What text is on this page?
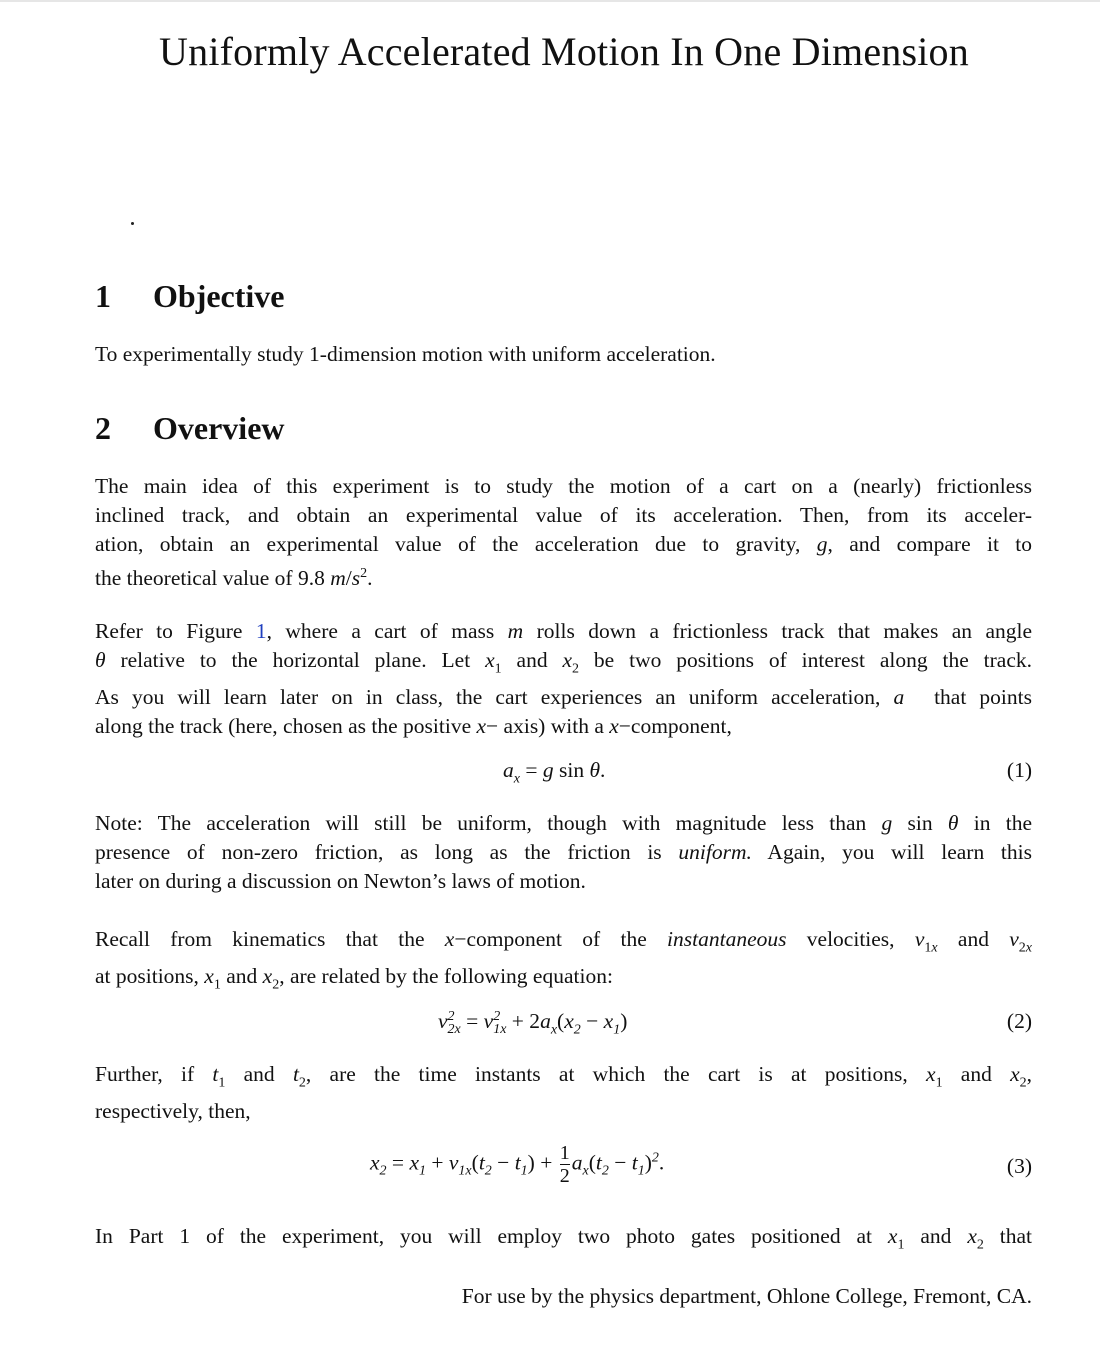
Uniformly Accelerated Motion In One Dimension
1 Objective
To experimentally study 1-dimension motion with uniform acceleration.
2 Overview
The main idea of this experiment is to study the motion of a cart on a (nearly) frictionless
inclined track, and obtain an experimental value of its acceleration. Then, from its acceler-
ation, obtain an experimental value of the acceleration due to gravity, g, and compare it to
the theoretical value of 9.8 $m/s^2$.
Refer to Figure 1, where a cart of mass m rolls down a frictionless track that makes an angle
θ relative to the horizontal plane. Let $x_1$ and $x_2$ be two positions of interest along the track.
As you will learn later on in class, the cart experiences an uniform acceleration, a⃗ that points
along the track (here, chosen as the positive x− axis) with a x−component,
$a_x = g$ sin θ.	(1)
Note: The acceleration will still be uniform, though with magnitude less than g sin θ in the
presence of non-zero friction, as long as the friction is uniform. Again, you will learn this
later on during a discussion on Newton’s laws of motion.
Recall from kinematics that the x−component of the instantaneous velocities, $v_{1x}$ and $v_{2x}$
at positions, $x_1$ and $x_2$, are related by the following equation:
$v^2_{2x} = v^2_{1x} + 2a_x(x_2 - x_1)$	(2)
Further, if $t_1$ and $t_2$, are the time instants at which the cart is at positions, $x_1$ and $x_2$,
respectively, then,
$x_2 = x_1 + v_{1x}(t_2 - t_1) + \frac{1}{2} a_x(t_2 - t_1)^2$.	(3)
In Part 1 of the experiment, you will employ two photo gates positioned at $x_1$ and $x_2$ that
For use by the physics department, Ohlone College, Fremont, CA.
